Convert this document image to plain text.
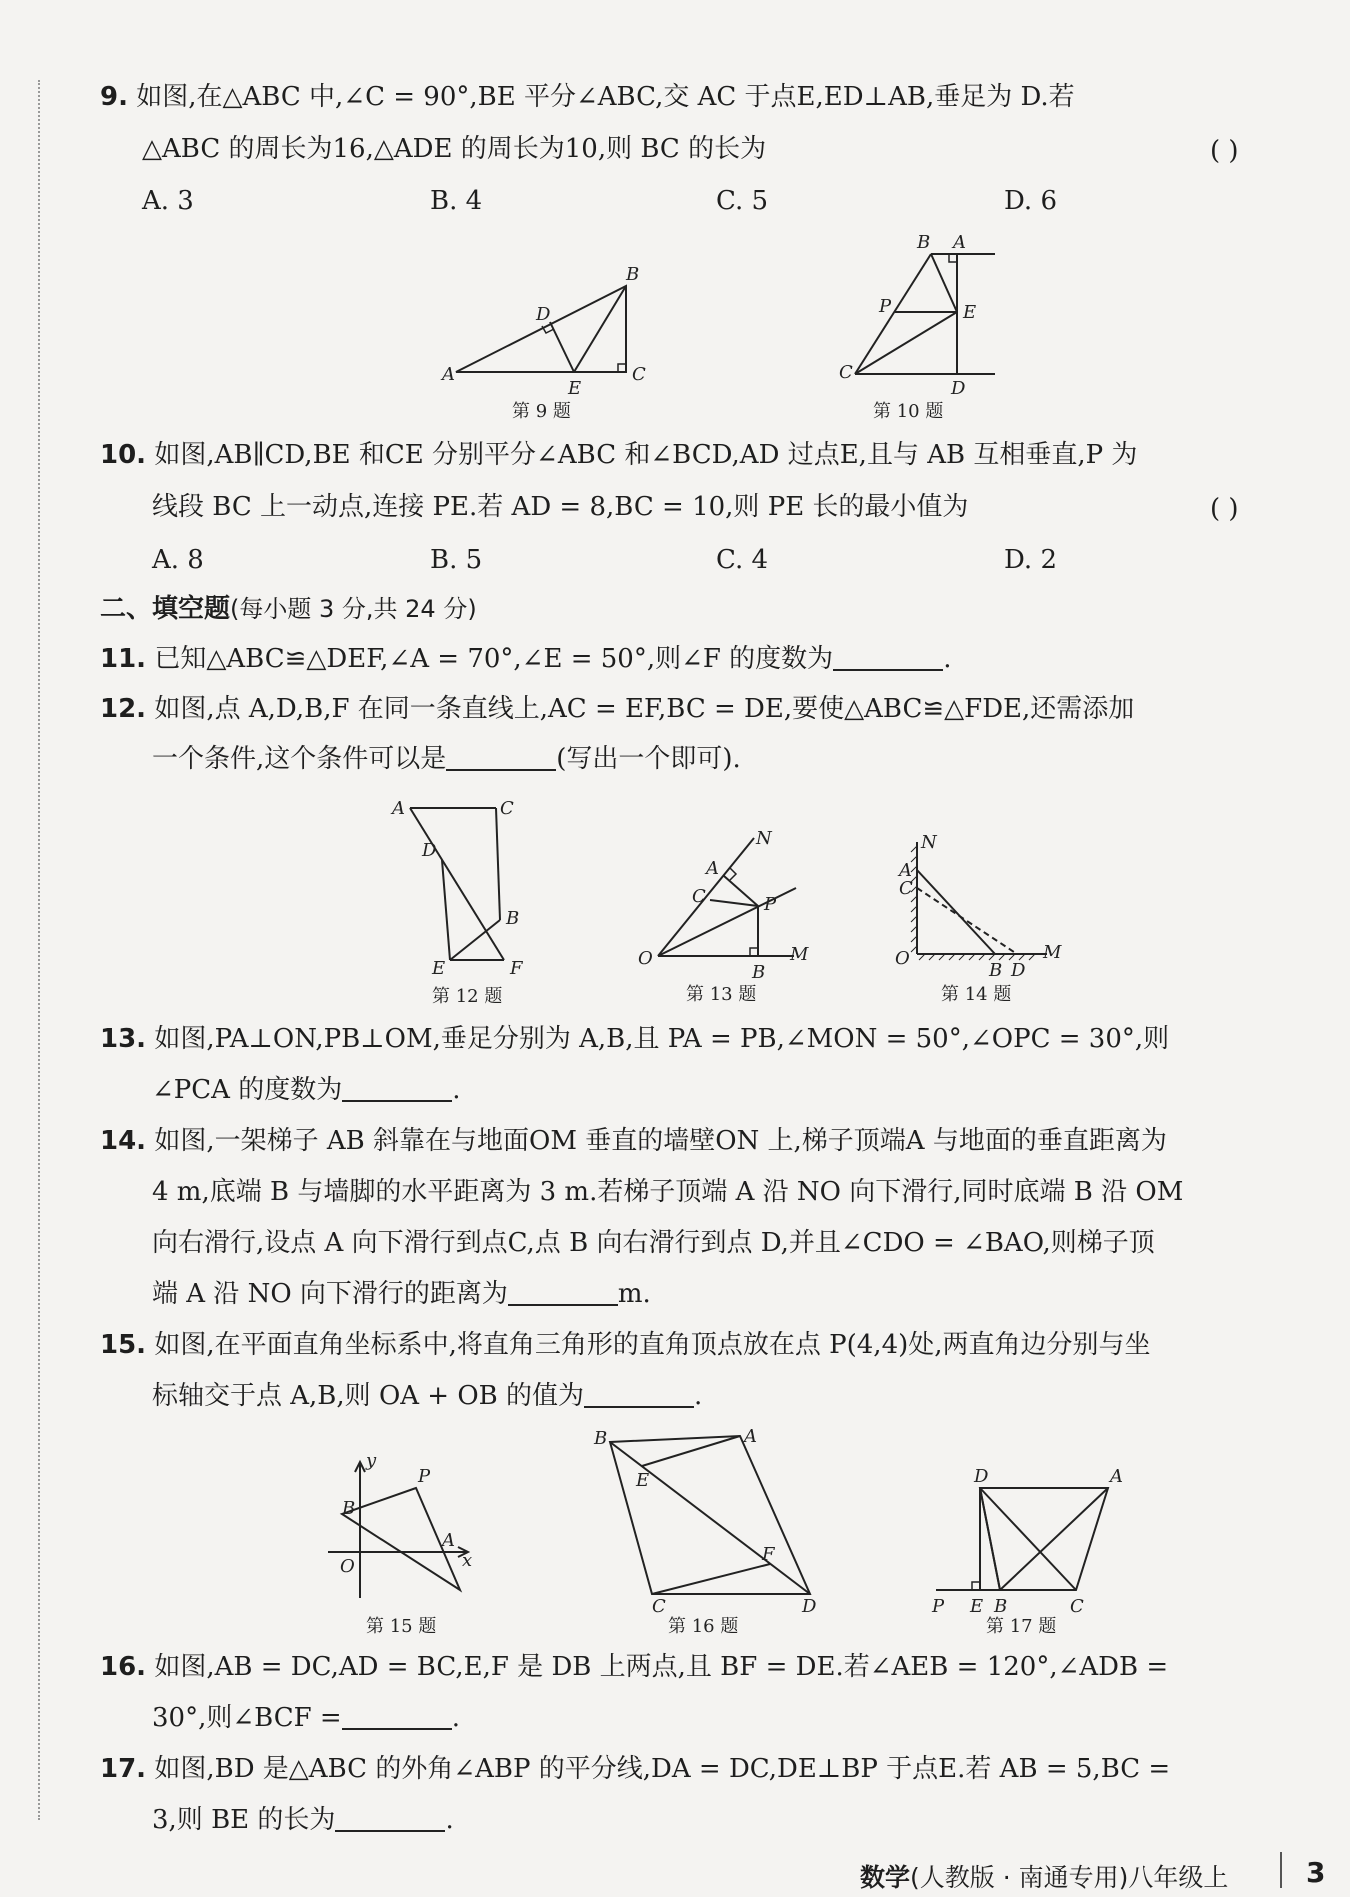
9. 如图,在△ABC 中,∠C = 90°,BE 平分∠ABC,交 AC 于点E,ED⊥AB,垂足为 D.若
△ABC 的周长为16,△ADE 的周长为10,则 BC 的长为	( )
A. 3	B. 4	C. 5	D. 6
A
B
C
D
E
第 9 题
B A
P	E
C
D
第 10 题
10. 如图,AB∥CD,BE 和CE 分别平分∠ABC 和∠BCD,AD 过点E,且与 AB 互相垂直,P 为
线段 BC 上一动点,连接 PE.若 AD = 8,BC = 10,则 PE 长的最小值为	( )
A. 8	B. 5	C. 4	D. 2
二、填空题(每小题 3 分,共 24 分)
11. 已知△ABC≌△DEF,∠A = 70°,∠E = 50°,则∠F 的度数为	.
12. 如图,点 A,D,B,F 在同一条直线上,AC = EF,BC = DE,要使△ABC≌△FDE,还需添加
一个条件,这个条件可以是	(写出一个即可).
A	C
D
B
E	F
第 12 题
N
A
C	P
O
B
M
第 13 题
N
A
C
O
B D
M
第 14 题
13. 如图,PA⊥ON,PB⊥OM,垂足分别为 A,B,且 PA = PB,∠MON = 50°,∠OPC = 30°,则
∠PCA 的度数为	.
14. 如图,一架梯子 AB 斜靠在与地面OM 垂直的墙壁ON 上,梯子顶端A 与地面的垂直距离为
4 m,底端 B 与墙脚的水平距离为 3 m.若梯子顶端 A 沿 NO 向下滑行,同时底端 B 沿 OM
向右滑行,设点 A 向下滑行到点C,点 B 向右滑行到点 D,并且∠CDO = ∠BAO,则梯子顶
端 A 沿 NO 向下滑行的距离为	m.
15. 如图,在平面直角坐标系中,将直角三角形的直角顶点放在点 P(4,4)处,两直角边分别与坐
标轴交于点 A,B,则 OA + OB 的值为	.
y
P
B
O
A
x
第 15 题
B	A
E
F
C	D
第 16 题
D	A
P E B	C
第 17 题
16. 如图,AB = DC,AD = BC,E,F 是 DB 上两点,且 BF = DE.若∠AEB = 120°,∠ADB =
30°,则∠BCF =	.
17. 如图,BD 是△ABC 的外角∠ABP 的平分线,DA = DC,DE⊥BP 于点E.若 AB = 5,BC =
3,则 BE 的长为	.
数学(人教版 · 南通专用)八年级上	3
